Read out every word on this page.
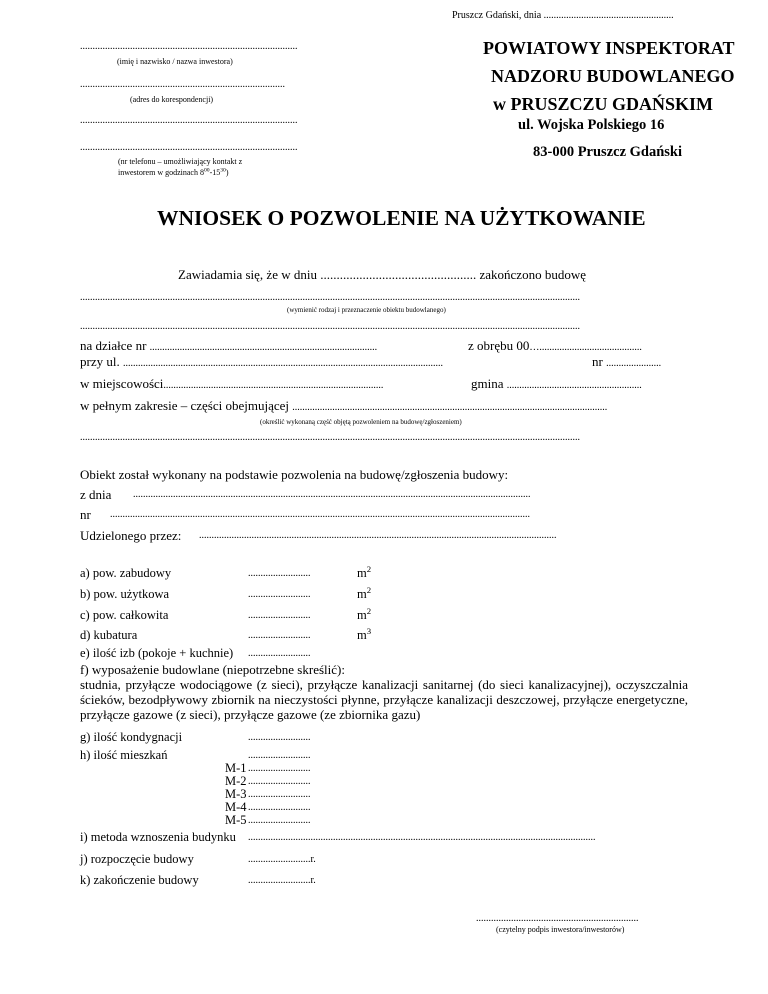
Pruszcz Gdański, dnia ....................................................
.......................................................................................
(imię i nazwisko / nazwa inwestora)
..................................................................................
(adres do korespondencji)
.......................................................................................
.......................................................................................
(nr telefonu – umożliwiający kontakt z
inwestorem w godzinach $8^{00}-15^{30}$)
POWIATOWY INSPEKTORAT
NADZORU BUDOWLANEGO
w PRUSZCZU GDAŃSKIM
ul. Wojska Polskiego 16
83-000 Pruszcz Gdański
WNIOSEK O POZWOLENIE NA UŻYTKOWANIE
Zawiadamia się, że w dniu ................................................ zakończono budowę
........................................................................................................................................................................................................
(wymienić rodzaj i przeznaczenie obiektu budowlanego)
........................................................................................................................................................................................................
na działce nr ...........................................................................................	z obrębu 00….........................................
przy ul. ................................................................................................................................	nr ......................
w miejscowości........................................................................................	gmina ......................................................
w pełnym zakresie – części obejmującej ..............................................................................................................................
(określić wykonaną część objętą pozwoleniem na budowę/zgłoszeniem)
........................................................................................................................................................................................................
Obiekt został wykonany na podstawie pozwolenia na budowę/zgłoszenia budowy:
z dnia ...............................................................................................................................................................
nr ........................................................................................................................................................................
Udzielonego przez: ...............................................................................................................................................
a) pow. zabudowy	.........................	$m^2$
b) pow. użytkowa	.........................	$m^2$
c) pow. całkowita	.........................	$m^2$
d) kubatura	.........................	$m^3$
e) ilość izb (pokoje + kuchnie) .........................
f) wyposażenie budowlane (niepotrzebne skreślić):
studnia, przyłącze wodociągowe (z sieci), przyłącze kanalizacji sanitarnej (do sieci kanalizacyjnej), oczyszczalnia ścieków, bezodpływowy zbiornik na nieczystości płynne, przyłącze kanalizacji deszczowej, przyłącze energetyczne, przyłącze gazowe (z sieci), przyłącze gazowe (ze zbiornika gazu)
g) ilość kondygnacji	.........................
h) ilość mieszkań	.........................
M-1 .........................
M-2 .........................
M-3 .........................
M-4 .........................
M-5 .........................
i) metoda wznoszenia budynku ...........................................................................................................................................
j) rozpoczęcie budowy	.........................r.
k) zakończenie budowy	.........................r.
.................................................................
(czytelny podpis inwestora/inwestorów)
